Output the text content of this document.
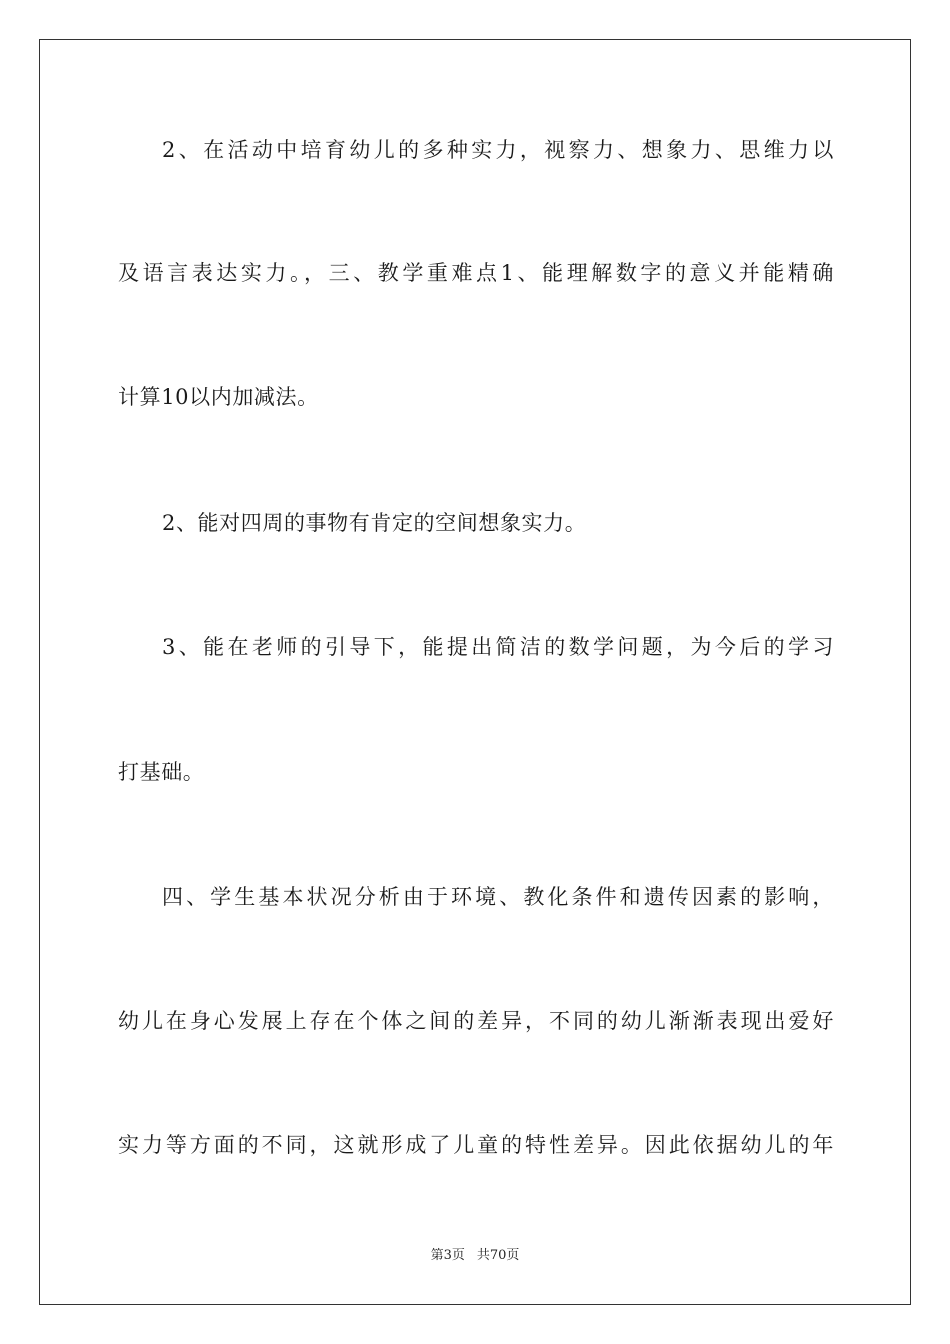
2、在活动中培育幼儿的多种实力，视察力、想象力、思维力以
及语言表达实力。，三、教学重难点1、能理解数字的意义并能精确
计算10以内加减法。
2、能对四周的事物有肯定的空间想象实力。
3、能在老师的引导下，能提出简洁的数学问题，为今后的学习
打基础。
四、学生基本状况分析由于环境、教化条件和遗传因素的影响，
幼儿在身心发展上存在个体之间的差异，不同的幼儿渐渐表现出爱好
实力等方面的不同，这就形成了儿童的特性差异。因此依据幼儿的年
第3页 共70页
